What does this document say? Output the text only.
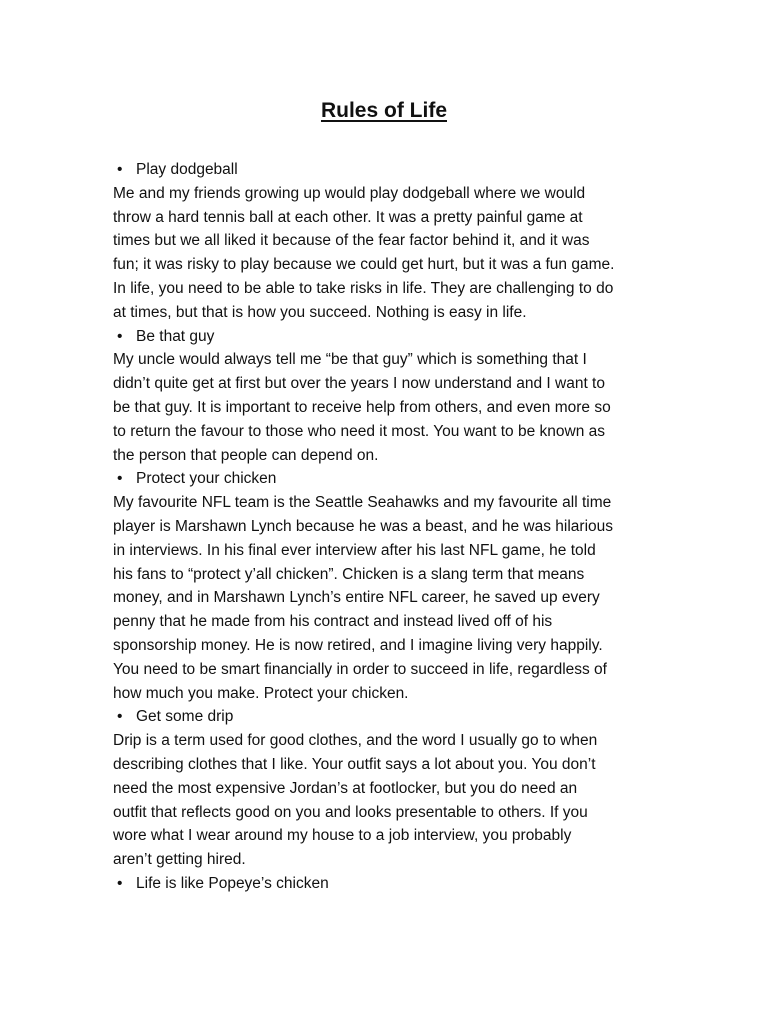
Rules of Life
• Play dodgeball
Me and my friends growing up would play dodgeball where we would
throw a hard tennis ball at each other. It was a pretty painful game at
times but we all liked it because of the fear factor behind it, and it was
fun; it was risky to play because we could get hurt, but it was a fun game.
In life, you need to be able to take risks in life. They are challenging to do
at times, but that is how you succeed. Nothing is easy in life.
• Be that guy
My uncle would always tell me “be that guy” which is something that I
didn’t quite get at first but over the years I now understand and I want to
be that guy. It is important to receive help from others, and even more so
to return the favour to those who need it most. You want to be known as
the person that people can depend on.
• Protect your chicken
My favourite NFL team is the Seattle Seahawks and my favourite all time
player is Marshawn Lynch because he was a beast, and he was hilarious
in interviews. In his final ever interview after his last NFL game, he told
his fans to “protect y’all chicken”. Chicken is a slang term that means
money, and in Marshawn Lynch’s entire NFL career, he saved up every
penny that he made from his contract and instead lived off of his
sponsorship money. He is now retired, and I imagine living very happily.
You need to be smart financially in order to succeed in life, regardless of
how much you make. Protect your chicken.
• Get some drip
Drip is a term used for good clothes, and the word I usually go to when
describing clothes that I like. Your outfit says a lot about you. You don’t
need the most expensive Jordan’s at footlocker, but you do need an
outfit that reflects good on you and looks presentable to others. If you
wore what I wear around my house to a job interview, you probably
aren’t getting hired.
• Life is like Popeye’s chicken
